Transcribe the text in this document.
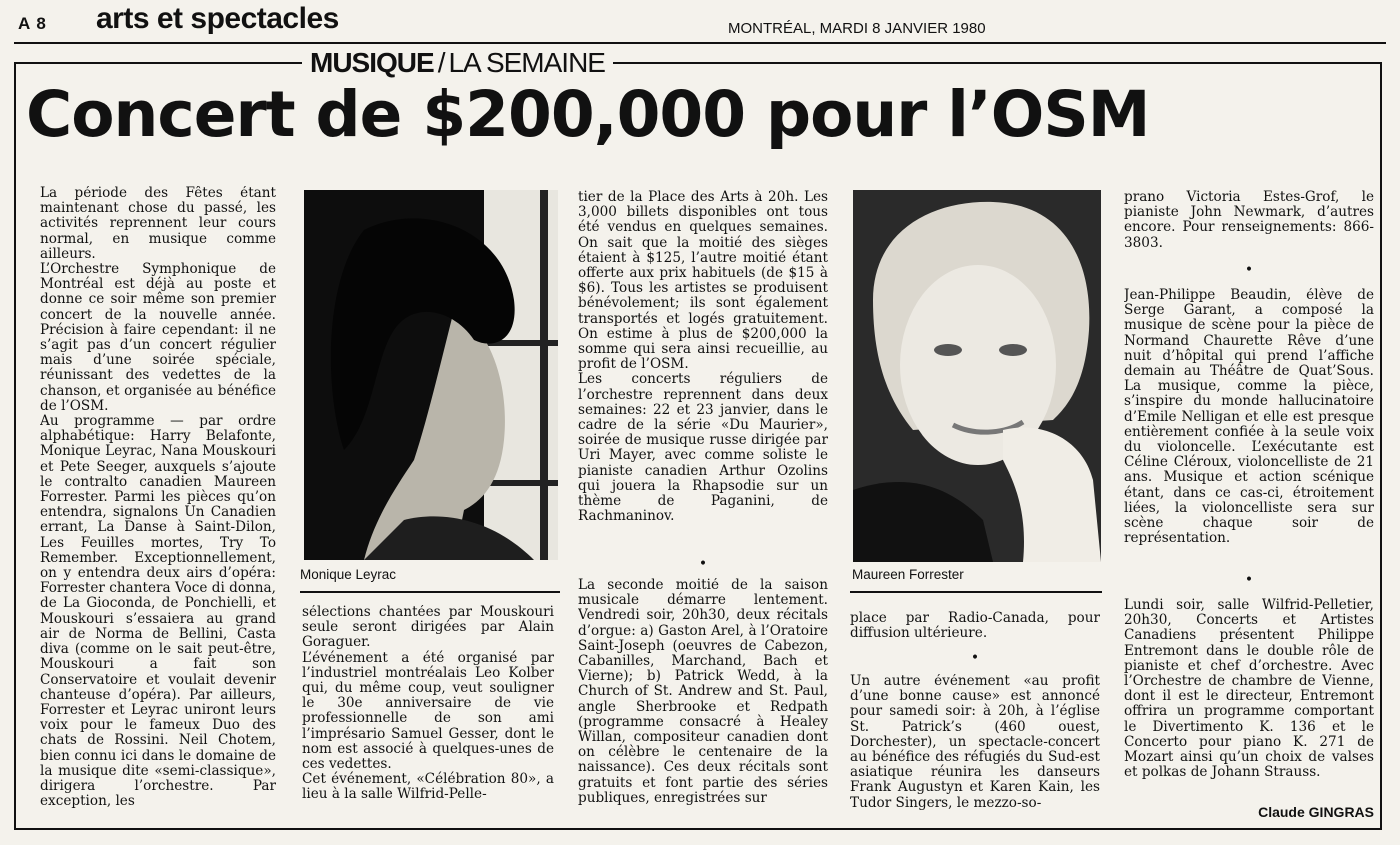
A 8 arts et spectacles	MONTRÉAL, MARDI 8 JANVIER 1980
MUSIQUE / LA SEMAINE
Concert de $200,000 pour l’OSM
La période des Fêtes étant maintenant chose du passé, les activités reprennent leur cours normal, en musique comme ailleurs.
L’Orchestre Symphonique de Montréal est déjà au poste et donne ce soir même son premier concert de la nouvelle année. Précision à faire cependant: il ne s’agit pas d’un concert régulier mais d’une soirée spéciale, réunissant des vedettes de la chanson, et organisée au bénéfice de l’OSM.
Au programme — par ordre alphabétique: Harry Belafonte, Monique Leyrac, Nana Mouskouri et Pete Seeger, auxquels s’ajoute le contralto canadien Maureen Forrester. Parmi les pièces qu’on entendra, signalons Un Canadien errant, La Danse à Saint-Dilon, Les Feuilles mortes, Try To Remember. Exceptionnellement, on y entendra deux airs d’opéra: Forrester chantera Voce di donna, de La Gioconda, de Ponchielli, et Mouskouri s’essaiera au grand air de Norma de Bellini, Casta diva (comme on le sait peut-être, Mouskouri a fait son Conservatoire et voulait devenir chanteuse d’opéra). Par ailleurs, Forrester et Leyrac uniront leurs voix pour le fameux Duo des chats de Rossini. Neil Chotem, bien connu ici dans le domaine de la musique dite «semi-classique», dirigera l’orchestre. Par exception, les
Monique Leyrac
sélections chantées par Mouskouri seule seront dirigées par Alain Goraguer.
L’événement a été organisé par l’industriel montréalais Leo Kolber qui, du même coup, veut souligner le 30e anniversaire de vie professionnelle de son ami l’imprésario Samuel Gesser, dont le nom est associé à quelques-unes de ces vedettes.
Cet événement, «Célébration 80», a lieu à la salle Wilfrid-Pelle-
tier de la Place des Arts à 20h. Les 3,000 billets disponibles ont tous été vendus en quelques semaines. On sait que la moitié des sièges étaient à $125, l’autre moitié étant offerte aux prix habituels (de $15 à $6). Tous les artistes se produisent bénévolement; ils sont également transportés et logés gratuitement. On estime à plus de $200,000 la somme qui sera ainsi recueillie, au profit de l’OSM.
Les concerts réguliers de l’orchestre reprennent dans deux semaines: 22 et 23 janvier, dans le cadre de la série «Du Maurier», soirée de musique russe dirigée par Uri Mayer, avec comme soliste le pianiste canadien Arthur Ozolins qui jouera la Rhapsodie sur un thème de Paganini, de Rachmaninov.
•
La seconde moitié de la saison musicale démarre lentement. Vendredi soir, 20h30, deux récitals d’orgue: a) Gaston Arel, à l’Oratoire Saint-Joseph (oeuvres de Cabezon, Cabanilles, Marchand, Bach et Vierne); b) Patrick Wedd, à la Church of St. Andrew and St. Paul, angle Sherbrooke et Redpath (programme consacré à Healey Willan, compositeur canadien dont on célèbre le centenaire de la naissance). Ces deux récitals sont gratuits et font partie des séries publiques, enregistrées sur
Maureen Forrester
place par Radio-Canada, pour diffusion ultérieure.
•
Un autre événement «au profit d’une bonne cause» est annoncé pour samedi soir: à 20h, à l’église St. Patrick’s (460 ouest, Dorchester), un spectacle-concert au bénéfice des réfugiés du Sud-est asiatique réunira les danseurs Frank Augustyn et Karen Kain, les Tudor Singers, le mezzo-so-
prano Victoria Estes-Grof, le pianiste John Newmark, d’autres encore. Pour renseignements: 866-3803.
•
Jean-Philippe Beaudin, élève de Serge Garant, a composé la musique de scène pour la pièce de Normand Chaurette Rêve d’une nuit d’hôpital qui prend l’affiche demain au Théâtre de Quat’Sous. La musique, comme la pièce, s’inspire du monde hallucinatoire d’Emile Nelligan et elle est presque entièrement confiée à la seule voix du violoncelle. L’exécutante est Céline Cléroux, violoncelliste de 21 ans. Musique et action scénique étant, dans ce cas-ci, étroitement liées, la violoncelliste sera sur scène chaque soir de représentation.
•
Lundi soir, salle Wilfrid-Pelletier, 20h30, Concerts et Artistes Canadiens présentent Philippe Entremont dans le double rôle de pianiste et chef d’orchestre. Avec l’Orchestre de chambre de Vienne, dont il est le directeur, Entremont offrira un programme comportant le Divertimento K. 136 et le Concerto pour piano K. 271 de Mozart ainsi qu’un choix de valses et polkas de Johann Strauss.
Claude GINGRAS
